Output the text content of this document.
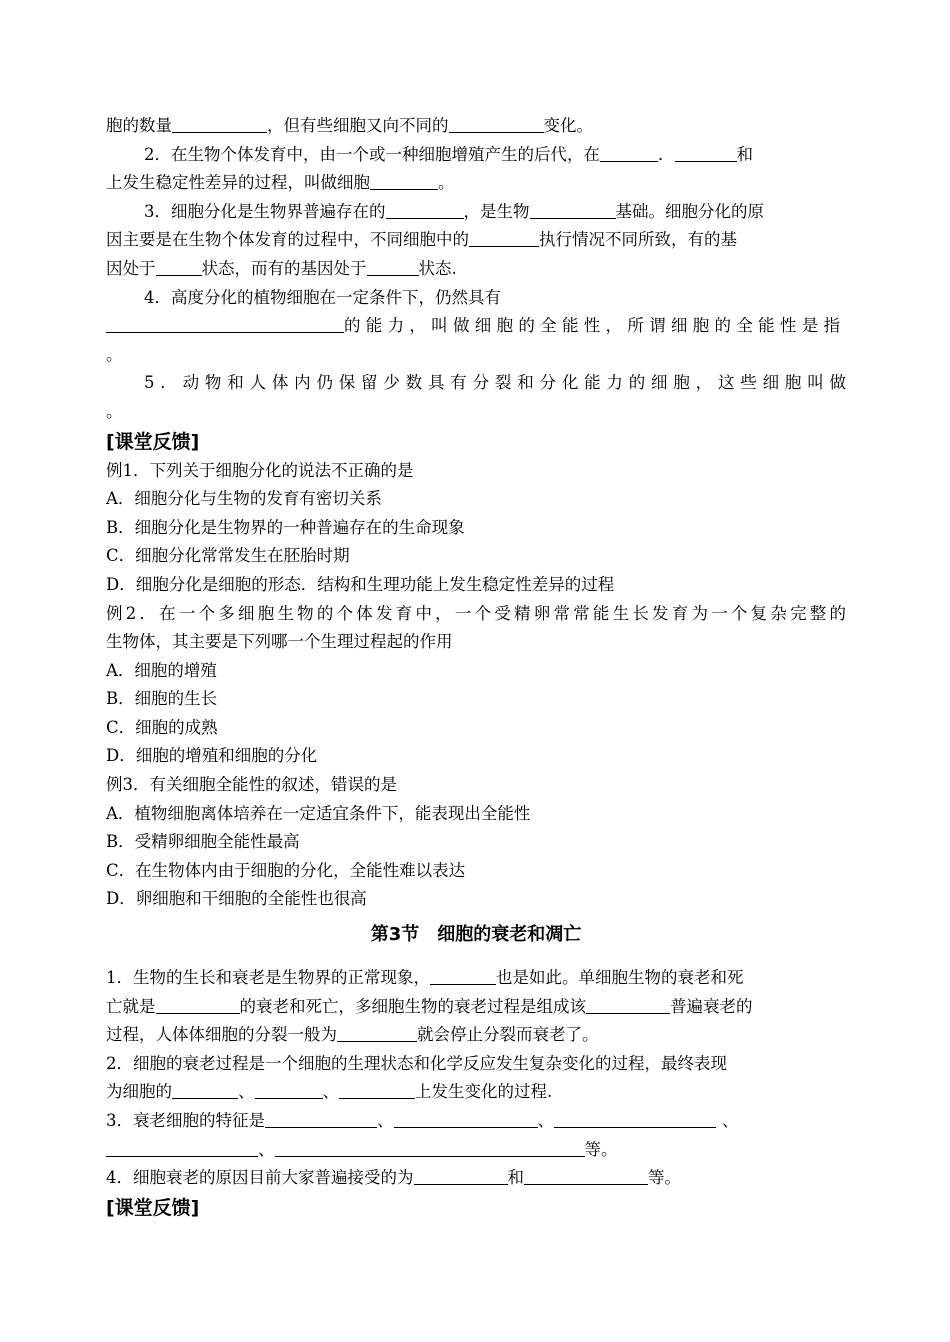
胞的数量	，但有些细胞又向不同的	变化。
2．在生物个体发育中，由一个或一种细胞增殖产生的后代，在	．	和
上发生稳定性差异的过程，叫做细胞	。
3．细胞分化是生物界普遍存在的	，是生物	基础。细胞分化的原
因主要是在生物个体发育的过程中，不同细胞中的	执行情况不同所致，有的基
因处于	状态，而有的基因处于	状态.
4．高度分化的植物细胞在一定条件下，仍然具有
的能力，叫做细胞的全能性，所谓细胞的全能性是指
。
5．动物和人体内仍保留少数具有分裂和分化能力的细胞，这些细胞叫做
。
[课堂反馈]
例1．下列关于细胞分化的说法不正确的是
A．细胞分化与生物的发育有密切关系
B．细胞分化是生物界的一种普遍存在的生命现象
C．细胞分化常常发生在胚胎时期
D．细胞分化是细胞的形态．结构和生理功能上发生稳定性差异的过程
例2．在一个多细胞生物的个体发育中，一个受精卵常常能生长发育为一个复杂完整的
生物体，其主要是下列哪一个生理过程起的作用
A．细胞的增殖
B．细胞的生长
C．细胞的成熟
D．细胞的增殖和细胞的分化
例3．有关细胞全能性的叙述，错误的是
A．植物细胞离体培养在一定适宜条件下，能表现出全能性
B．受精卵细胞全能性最高
C．在生物体内由于细胞的分化，全能性难以表达
D．卵细胞和干细胞的全能性也很高
第3节　细胞的衰老和凋亡
1．生物的生长和衰老是生物界的正常现象，	也是如此。单细胞生物的衰老和死
亡就是	的衰老和死亡，多细胞生物的衰老过程是组成该	普遍衰老的
过程，人体体细胞的分裂一般为	就会停止分裂而衰老了。
2．细胞的衰老过程是一个细胞的生理状态和化学反应发生复杂变化的过程，最终表现
为细胞的	、	、	上发生变化的过程.
3．衰老细胞的特征是	、	、	、
、	等。
4．细胞衰老的原因目前大家普遍接受的为	和	等。
[课堂反馈]
